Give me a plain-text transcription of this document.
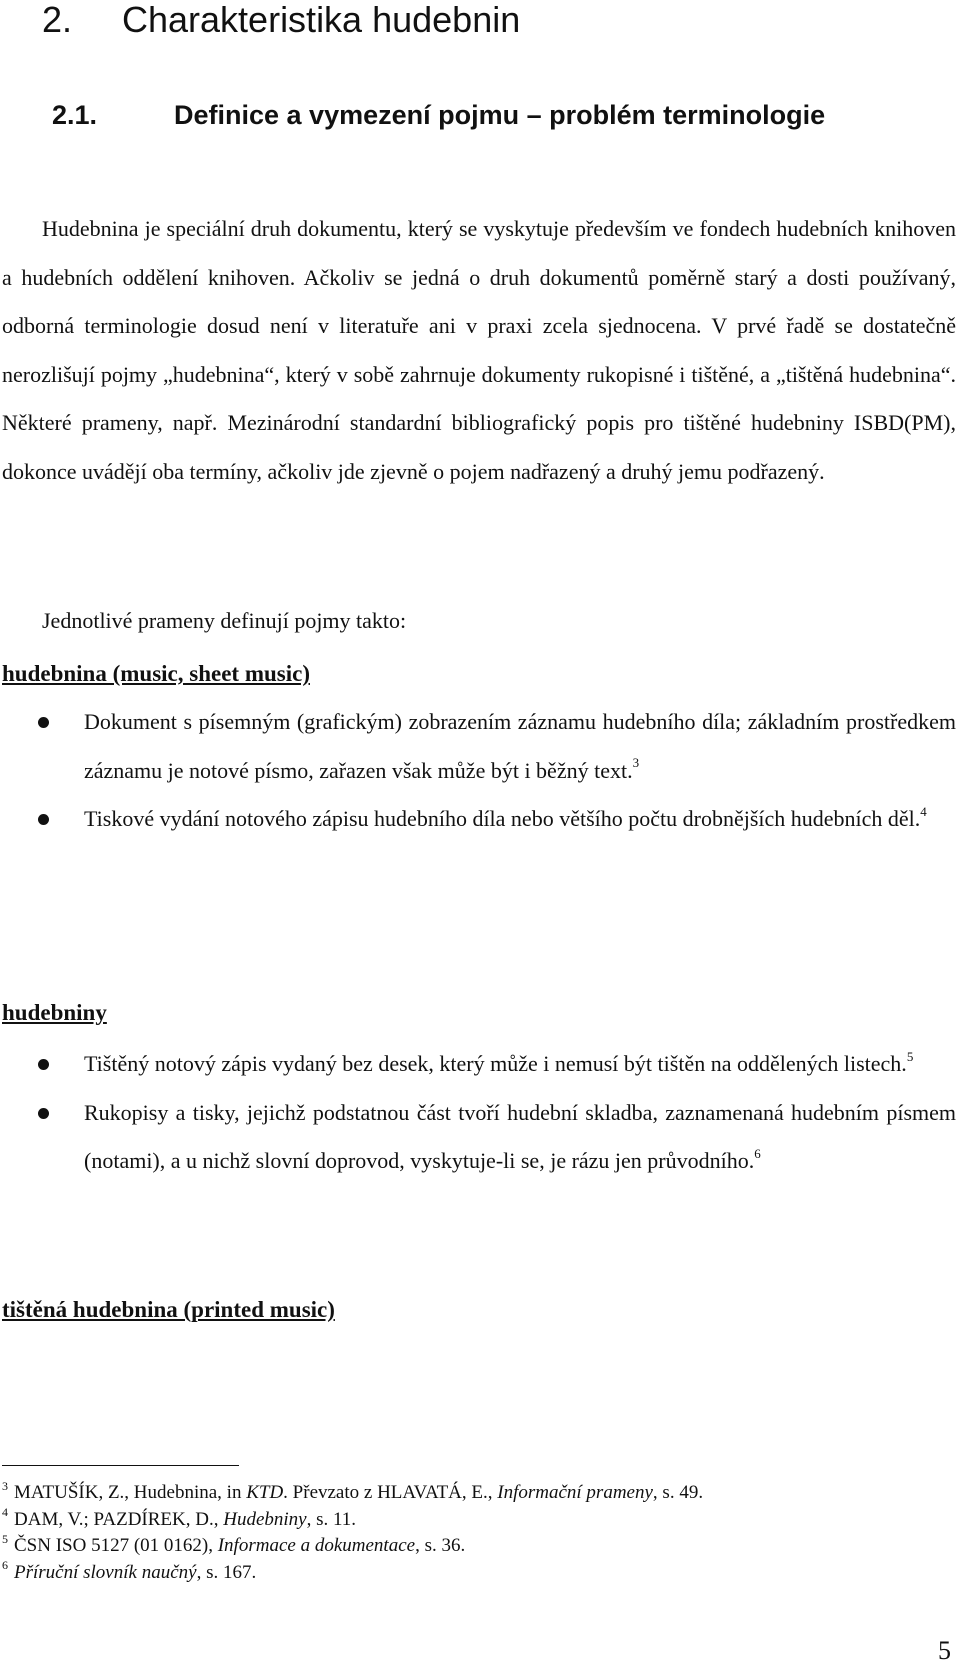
2. Charakteristika hudebnin
2.1.	Definice a vymezení pojmu – problém terminologie

Hudebnina je speciální druh dokumentu, který se vyskytuje především ve fondech hudebních knihoven a hudebních oddělení knihoven. Ačkoliv se jedná o druh dokumentů poměrně starý a dosti používaný, odborná terminologie dosud není v literatuře ani v praxi zcela sjednocena. V prvé řadě se dostatečně nerozlišují pojmy „hudebnina“, který v sobě zahrnuje dokumenty rukopisné i tištěné, a „tištěná hudebnina“. Některé prameny, např. Mezinárodní standardní bibliografický popis pro tištěné hudebniny ISBD(PM), dokonce uvádějí oba termíny, ačkoliv jde zjevně o pojem nadřazený a druhý jemu podřazený.

Jednotlivé prameny definují pojmy takto:

hudebnina (music, sheet music)

Dokument s písemným (grafickým) zobrazením záznamu hudebního díla; základním prostředkem záznamu je notové písmo, zařazen však může být i běžný text.$^3$
Tiskové vydání notového zápisu hudebního díla nebo většího počtu drobnějších hudebních děl.$^4$

hudebniny

Tištěný notový zápis vydaný bez desek, který může i nemusí být tištěn na oddělených listech.$^5$
Rukopisy a tisky, jejichž podstatnou část tvoří hudební skladba, zaznamenaná hudebním písmem (notami), a u nichž slovní doprovod, vyskytuje-li se, je rázu jen průvodního.$^6$

tištěná hudebnina (printed music)

$^3$ MATUŠÍK, Z., Hudebnina, in KTD. Převzato z HLAVATÁ, E., Informační prameny, s. 49.
$^4$ DAM, V.; PAZDÍREK, D., Hudebniny, s. 11.
$^5$ ČSN ISO 5127 (01 0162), Informace a dokumentace, s. 36.
$^6$ Příruční slovník naučný, s. 167.
5
